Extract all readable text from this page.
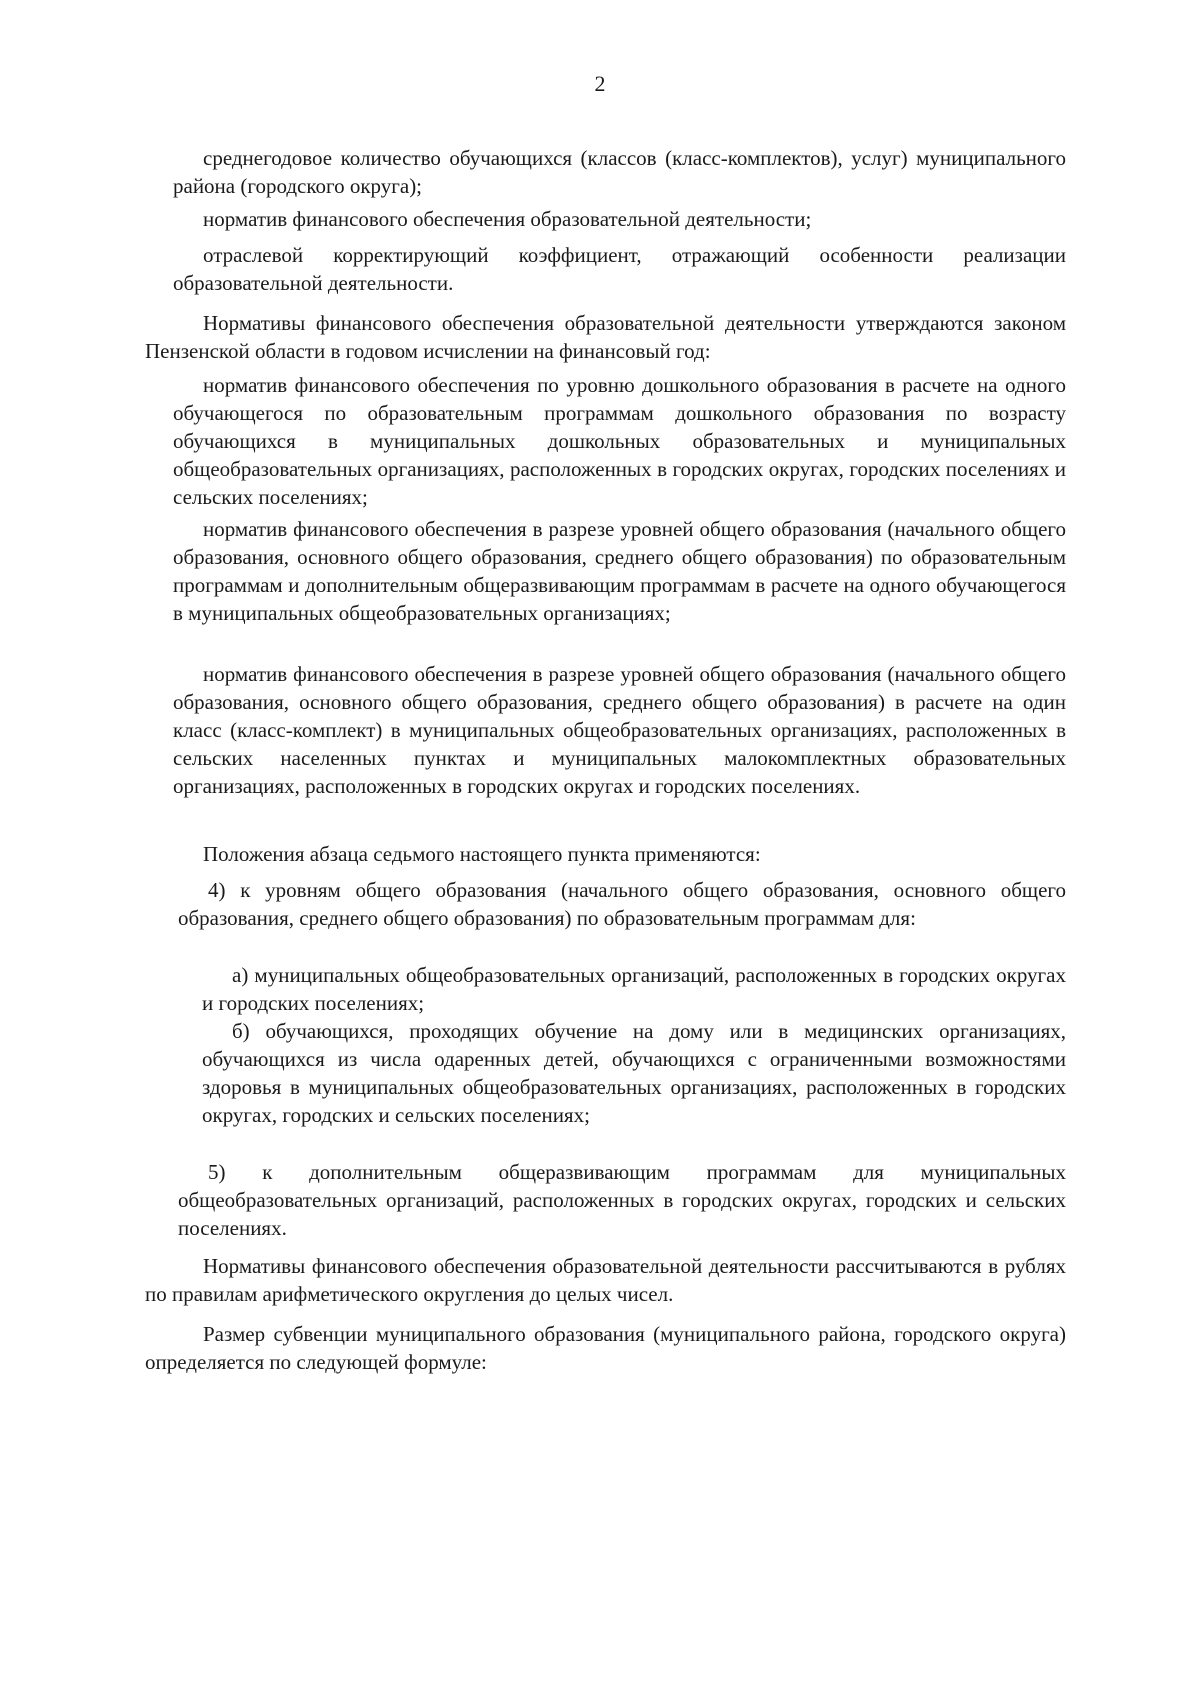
2

среднегодовое количество обучающихся (классов (класс-комплектов), услуг) муниципального района (городского округа);

норматив финансового обеспечения образовательной деятельности;

отраслевой корректирующий коэффициент, отражающий особенности реализации образовательной деятельности.

Нормативы финансового обеспечения образовательной деятельности утверждаются законом Пензенской области в годовом исчислении на финансовый год:

норматив финансового обеспечения по уровню дошкольного образования в расчете на одного обучающегося по образовательным программам дошкольного образования по возрасту обучающихся в муниципальных дошкольных образовательных и муниципальных общеобразовательных организациях, расположенных в городских округах, городских поселениях и сельских поселениях;

норматив финансового обеспечения в разрезе уровней общего образования (начального общего образования, основного общего образования, среднего общего образования) по образовательным программам и дополнительным общеразвивающим программам в расчете на одного обучающегося в муниципальных общеобразовательных организациях;

норматив финансового обеспечения в разрезе уровней общего образования (начального общего образования, основного общего образования, среднего общего образования) в расчете на один класс (класс-комплект) в муниципальных общеобразовательных организациях, расположенных в сельских населенных пунктах и муниципальных малокомплектных образовательных организациях, расположенных в городских округах и городских поселениях.

Положения абзаца седьмого настоящего пункта применяются:

4) к уровням общего образования (начального общего образования, основного общего образования, среднего общего образования) по образовательным программам для:

а) муниципальных общеобразовательных организаций, расположенных в городских округах и городских поселениях;

б) обучающихся, проходящих обучение на дому или в медицинских организациях, обучающихся из числа одаренных детей, обучающихся с ограниченными возможностями здоровья в муниципальных общеобразовательных организациях, расположенных в городских округах, городских и сельских поселениях;

5) к дополнительным общеразвивающим программам для муниципальных общеобразовательных организаций, расположенных в городских округах, городских и сельских поселениях.

Нормативы финансового обеспечения образовательной деятельности рассчитываются в рублях по правилам арифметического округления до целых чисел.

Размер субвенции муниципального образования (муниципального района, городского округа) определяется по следующей формуле:
